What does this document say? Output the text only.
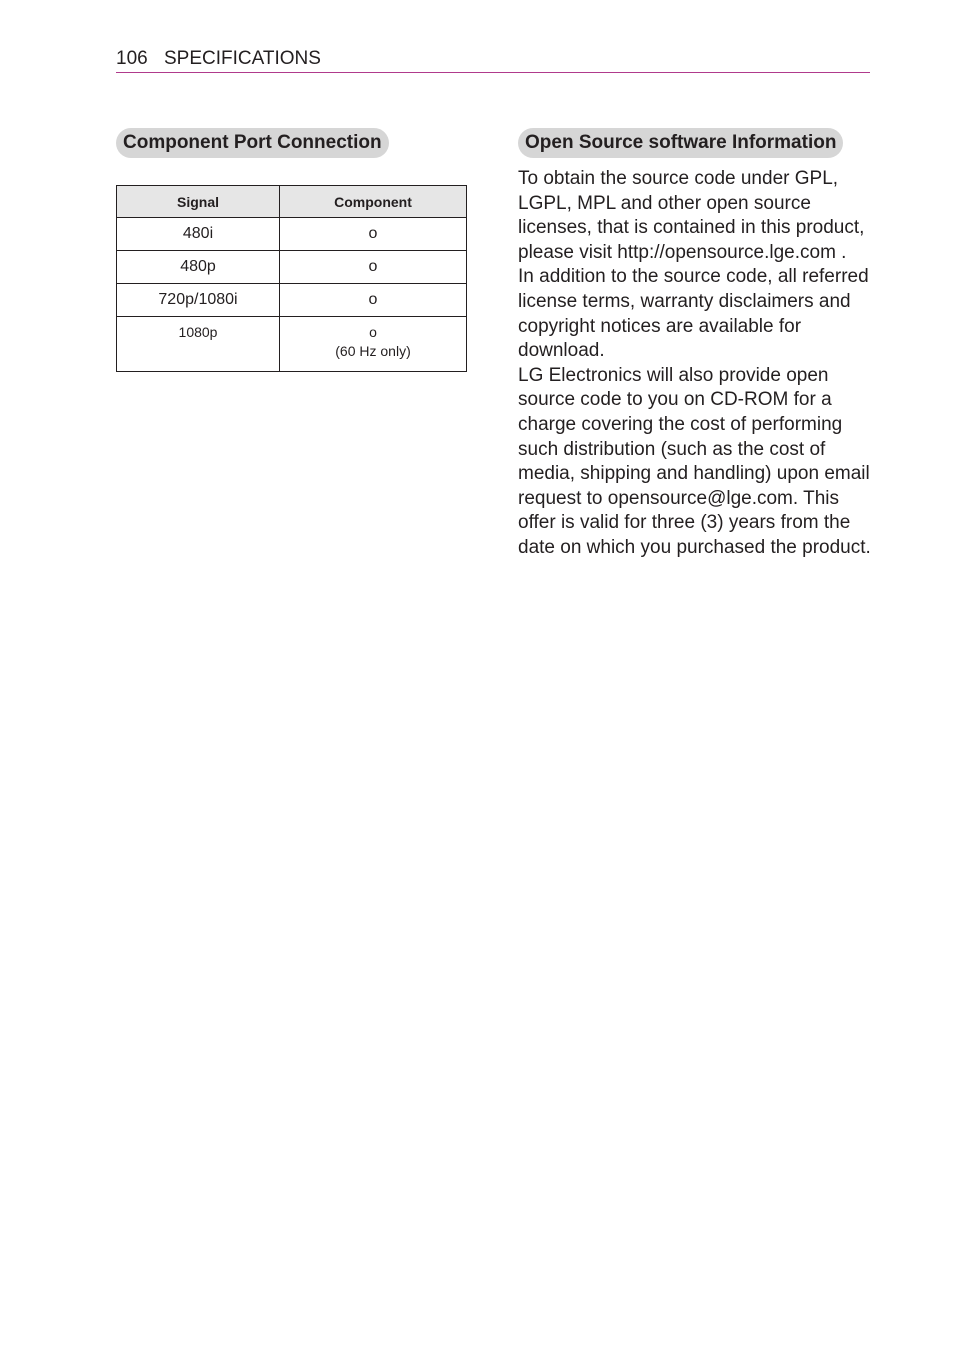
106 SPECIFICATIONS
Component Port Connection
Signal	Component
480i	o
480p	o
720p/1080i	o
1080p	o
(60 Hz only)
Open Source software Information

To obtain the source code under GPL, LGPL, MPL and other open source licenses, that is contained in this product,

please visit http://opensource.lge.com .

In addition to the source code, all referred license terms, warranty disclaimers and copyright notices are available for download.

LG Electronics will also provide open source code to you on CD-ROM for a charge covering the cost of performing such distribution (such as the cost of media, shipping and handling) upon email request to opensource@lge.com. This offer is valid for three (3) years from the date on which you purchased the product.
